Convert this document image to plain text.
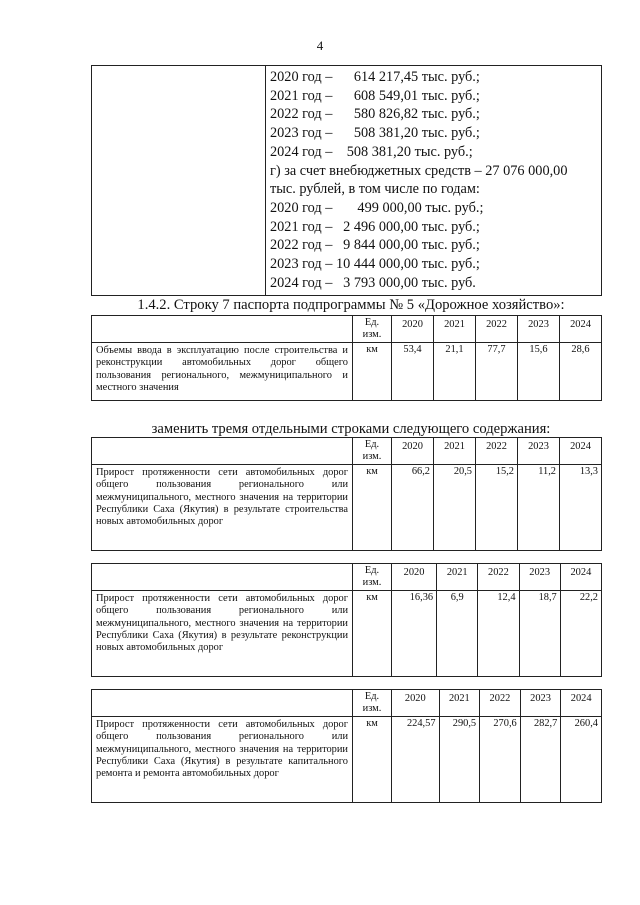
4

2020 год –      614 217,45 тыс. руб.;
2021 год –      608 549,01 тыс. руб.;
2022 год –      580 826,82 тыс. руб.;
2023 год –      508 381,20 тыс. руб.;
2024 год –    508 381,20 тыс. руб.;
г) за счет внебюджетных средств – 27 076 000,00
тыс. рублей, в том числе по годам:
2020 год –       499 000,00 тыс. руб.;
2021 год –   2 496 000,00 тыс. руб.;
2022 год –   9 844 000,00 тыс. руб.;
2023 год – 10 444 000,00 тыс. руб.;
2024 год –   3 793 000,00 тыс. руб.
1.4.2. Строку 7 паспорта подпрограммы № 5 «Дорожное хозяйство»:
	Ед. изм.	2020	2021	2022	2023	2024
Объемы ввода в эксплуатацию после строительства и реконструкции автомобильных дорог общего пользования регионального, межмуниципального и местного значения	км	53,4	21,1	77,7	15,6	28,6
заменить тремя отдельными строками следующего содержания:
	Ед. изм.	2020	2021	2022	2023	2024
Прирост протяженности сети автомобильных дорог общего пользования регионального или межмуниципального, местного значения на территории Республики Саха (Якутия) в результате строительства новых автомобильных дорог	км	66,2	20,5	15,2	11,2	13,3
	Ед. изм.	2020	2021	2022	2023	2024
Прирост протяженности сети автомобильных дорог общего пользования регионального или межмуниципального, местного значения на территории Республики Саха (Якутия) в результате реконструкции новых автомобильных дорог	км	16,36	6,9	12,4	18,7	22,2
	Ед. изм.	2020	2021	2022	2023	2024
Прирост протяженности сети автомобильных дорог общего пользования регионального или межмуниципального, местного значения на территории Республики Саха (Якутия) в результате капитального ремонта и ремонта автомобильных дорог	км	224,57	290,5	270,6	282,7	260,4
